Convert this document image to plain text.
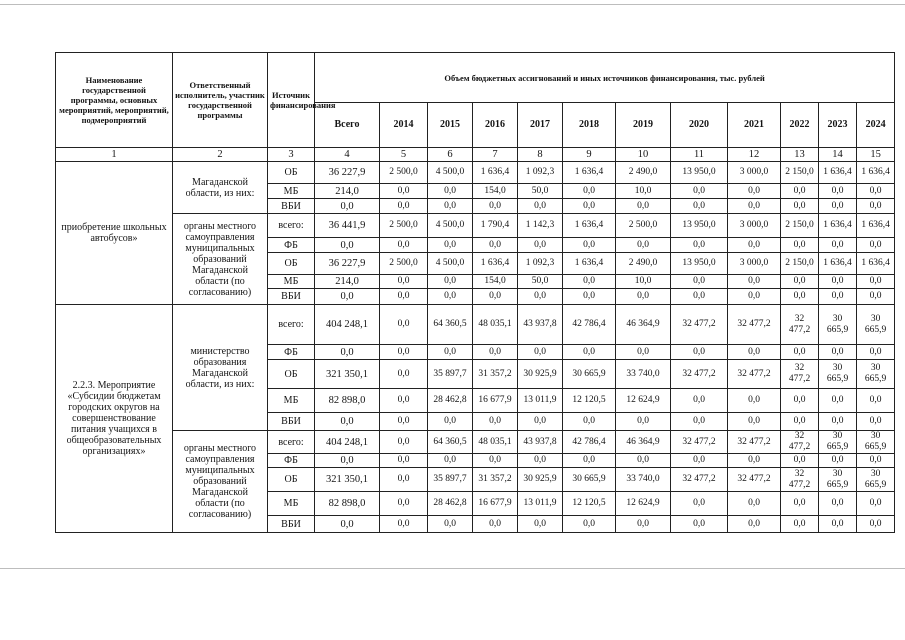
Наименование государственной программы, основных мероприятий, мероприятий, подмероприятий	Ответственный исполнитель, участник государственной программы	Источник финансирования	Объем бюджетных ассигнований и иных источников финансирования, тыс. рублей											
			Всего	2014	2015	2016	2017	2018	2019	2020	2021	2022	2023	2024
1	2	3	4	5	6	7	8	9	10	11	12	13	14	15
приобретение школьных автобусов»	Магаданской области, из них:	ОБ	36 227,9	2 500,0	4 500,0	1 636,4	1 092,3	1 636,4	2 490,0	13 950,0	3 000,0	2 150,0	1 636,4	1 636,4
		МБ	214,0	0,0	0,0	154,0	50,0	0,0	10,0	0,0	0,0	0,0	0,0	0,0
		ВБИ	0,0	0,0	0,0	0,0	0,0	0,0	0,0	0,0	0,0	0,0	0,0	0,0
	органы местного самоуправления муниципальных образований Магаданской области (по согласованию)	всего:	36 441,9	2 500,0	4 500,0	1 790,4	1 142,3	1 636,4	2 500,0	13 950,0	3 000,0	2 150,0	1 636,4	1 636,4
		ФБ	0,0	0,0	0,0	0,0	0,0	0,0	0,0	0,0	0,0	0,0	0,0	0,0
		ОБ	36 227,9	2 500,0	4 500,0	1 636,4	1 092,3	1 636,4	2 490,0	13 950,0	3 000,0	2 150,0	1 636,4	1 636,4
		МБ	214,0	0,0	0,0	154,0	50,0	0,0	10,0	0,0	0,0	0,0	0,0	0,0
		ВБИ	0,0	0,0	0,0	0,0	0,0	0,0	0,0	0,0	0,0	0,0	0,0	0,0
2.2.3. Мероприятие «Субсидии бюджетам городских округов на совершенствование питания учащихся в общеобразовательных организациях»	министерство образования Магаданской области, из них:	всего:	404 248,1	0,0	64 360,5	48 035,1	43 937,8	42 786,4	46 364,9	32 477,2	32 477,2	32 477,2	30 665,9	30 665,9
		ФБ	0,0	0,0	0,0	0,0	0,0	0,0	0,0	0,0	0,0	0,0	0,0	0,0
		ОБ	321 350,1	0,0	35 897,7	31 357,2	30 925,9	30 665,9	33 740,0	32 477,2	32 477,2	32 477,2	30 665,9	30 665,9
		МБ	82 898,0	0,0	28 462,8	16 677,9	13 011,9	12 120,5	12 624,9	0,0	0,0	0,0	0,0	0,0
		ВБИ	0,0	0,0	0,0	0,0	0,0	0,0	0,0	0,0	0,0	0,0	0,0	0,0
	органы местного самоуправления муниципальных образований Магаданской области (по согласованию)	всего:	404 248,1	0,0	64 360,5	48 035,1	43 937,8	42 786,4	46 364,9	32 477,2	32 477,2	32 477,2	30 665,9	30 665,9
		ФБ	0,0	0,0	0,0	0,0	0,0	0,0	0,0	0,0	0,0	0,0	0,0	0,0
		ОБ	321 350,1	0,0	35 897,7	31 357,2	30 925,9	30 665,9	33 740,0	32 477,2	32 477,2	32 477,2	30 665,9	30 665,9
		МБ	82 898,0	0,0	28 462,8	16 677,9	13 011,9	12 120,5	12 624,9	0,0	0,0	0,0	0,0	0,0
		ВБИ	0,0	0,0	0,0	0,0	0,0	0,0	0,0	0,0	0,0	0,0	0,0	0,0
